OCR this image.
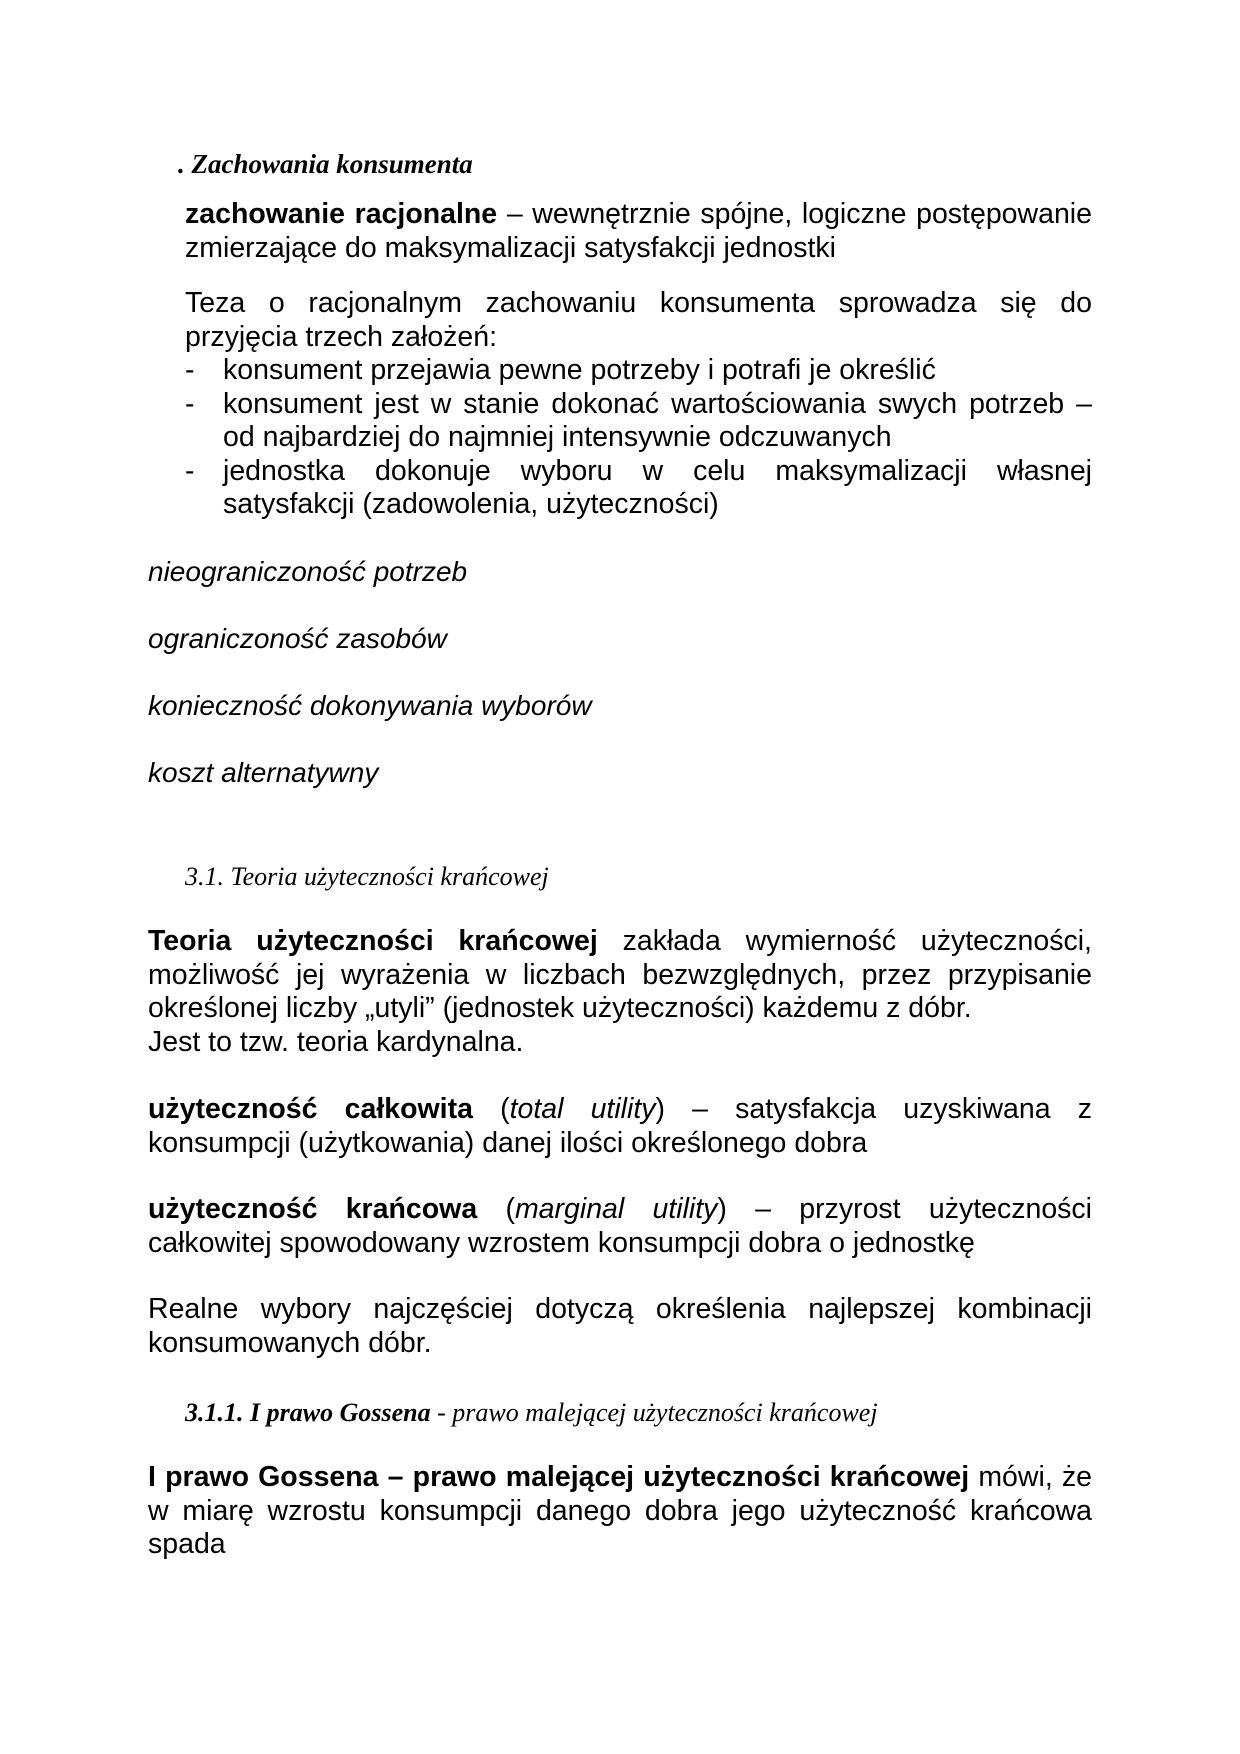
. Zachowania konsumenta
zachowanie racjonalne – wewnętrznie spójne, logiczne postępowanie zmierzające do maksymalizacji satysfakcji jednostki
Teza o racjonalnym zachowaniu konsumenta sprowadza się do przyjęcia trzech założeń:
- konsument przejawia pewne potrzeby i potrafi je określić
- konsument jest w stanie dokonać wartościowania swych potrzeb – od najbardziej do najmniej intensywnie odczuwanych
- jednostka dokonuje wyboru w celu maksymalizacji własnej satysfakcji (zadowolenia, użyteczności)
nieograniczoność potrzeb
ograniczoność zasobów
konieczność dokonywania wyborów
koszt alternatywny
3.1. Teoria użyteczności krańcowej
Teoria użyteczności krańcowej zakłada wymierność użyteczności, możliwość jej wyrażenia w liczbach bezwzględnych, przez przypisanie określonej liczby „utyli” (jednostek użyteczności) każdemu z dóbr.
Jest to tzw. teoria kardynalna.
użyteczność całkowita (total utility) – satysfakcja uzyskiwana z konsumpcji (użytkowania) danej ilości określonego dobra
użyteczność krańcowa (marginal utility) – przyrost użyteczności całkowitej spowodowany wzrostem konsumpcji dobra o jednostkę
Realne wybory najczęściej dotyczą określenia najlepszej kombinacji konsumowanych dóbr.
3.1.1. I prawo Gossena - prawo malejącej użyteczności krańcowej
I prawo Gossena – prawo malejącej użyteczności krańcowej mówi, że w miarę wzrostu konsumpcji danego dobra jego użyteczność krańcowa spada
